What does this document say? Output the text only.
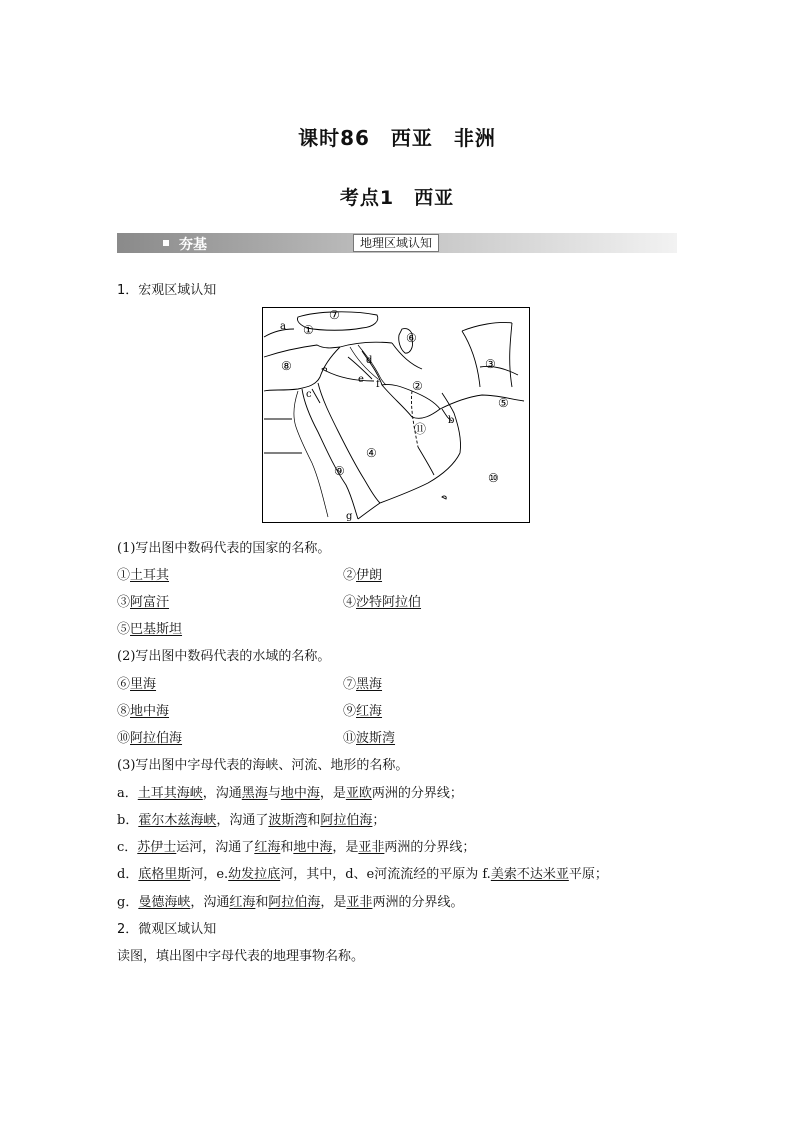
课时86　西亚　非洲
考点1　西亚
夯基	地理区域认知
1．宏观区域认知
①
②
③
④
⑤
⑥
⑦
⑧
⑨	⑩
⑪
a
b
c
d
e f
g
(1)写出图中数码代表的国家的名称。
①土耳其	②伊朗
③阿富汗	④沙特阿拉伯
⑤巴基斯坦
(2)写出图中数码代表的水域的名称。
⑥里海	⑦黑海
⑧地中海	⑨红海
⑩阿拉伯海	⑪波斯湾
(3)写出图中字母代表的海峡、河流、地形的名称。
a．土耳其海峡，沟通黑海与地中海，是亚欧两洲的分界线；
b．霍尔木兹海峡，沟通了波斯湾和阿拉伯海；
c．苏伊士运河，沟通了红海和地中海，是亚非两洲的分界线；
d．底格里斯河，e.幼发拉底河，其中，d、e河流流经的平原为 f.美索不达米亚平原；
g．曼德海峡，沟通红海和阿拉伯海，是亚非两洲的分界线。
2．微观区域认知
读图，填出图中字母代表的地理事物名称。
